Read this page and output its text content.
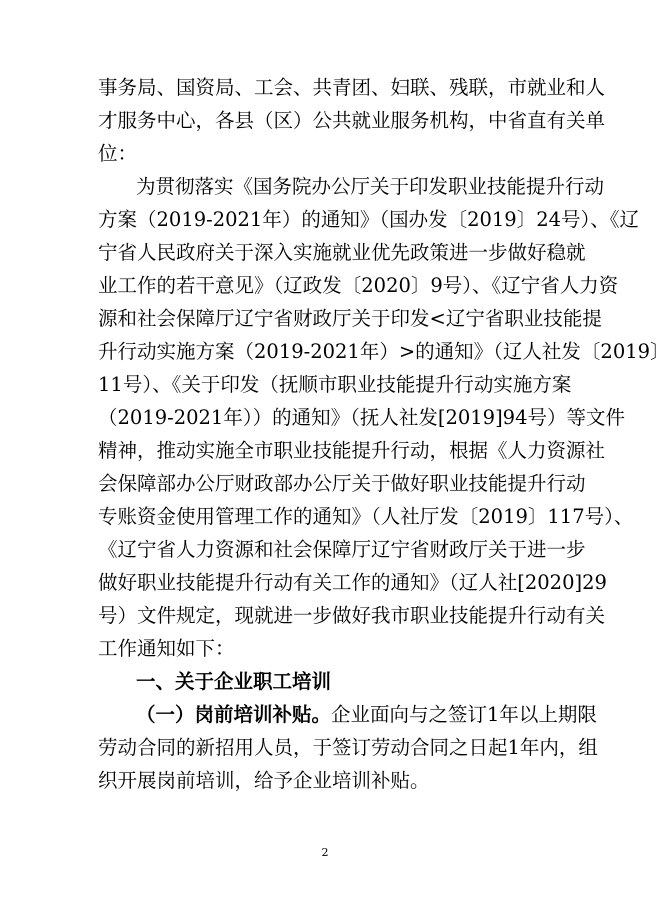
事务局、国资局、工会、共青团、妇联、残联，市就业和人
才服务中心，各县（区）公共就业服务机构，中省直有关单
位：
为贯彻落实《国务院办公厅关于印发职业技能提升行动
方案（2019-2021年）的通知》（国办发〔2019〕24号）、《辽
宁省人民政府关于深入实施就业优先政策进一步做好稳就
业工作的若干意见》（辽政发〔2020〕9号）、《辽宁省人力资
源和社会保障厅辽宁省财政厅关于印发<辽宁省职业技能提
升行动实施方案（2019-2021年）>的通知》（辽人社发〔2019〕
11号）、《关于印发（抚顺市职业技能提升行动实施方案
（2019-2021年））的通知》（抚人社发[2019]94号）等文件
精神，推动实施全市职业技能提升行动，根据《人力资源社
会保障部办公厅财政部办公厅关于做好职业技能提升行动
专账资金使用管理工作的通知》（人社厅发〔2019〕117号）、
《辽宁省人力资源和社会保障厅辽宁省财政厅关于进一步
做好职业技能提升行动有关工作的通知》（辽人社[2020]29
号）文件规定，现就进一步做好我市职业技能提升行动有关
工作通知如下：
一、关于企业职工培训
（一）岗前培训补贴。企业面向与之签订1年以上期限
劳动合同的新招用人员，于签订劳动合同之日起1年内，组
织开展岗前培训，给予企业培训补贴。
2
